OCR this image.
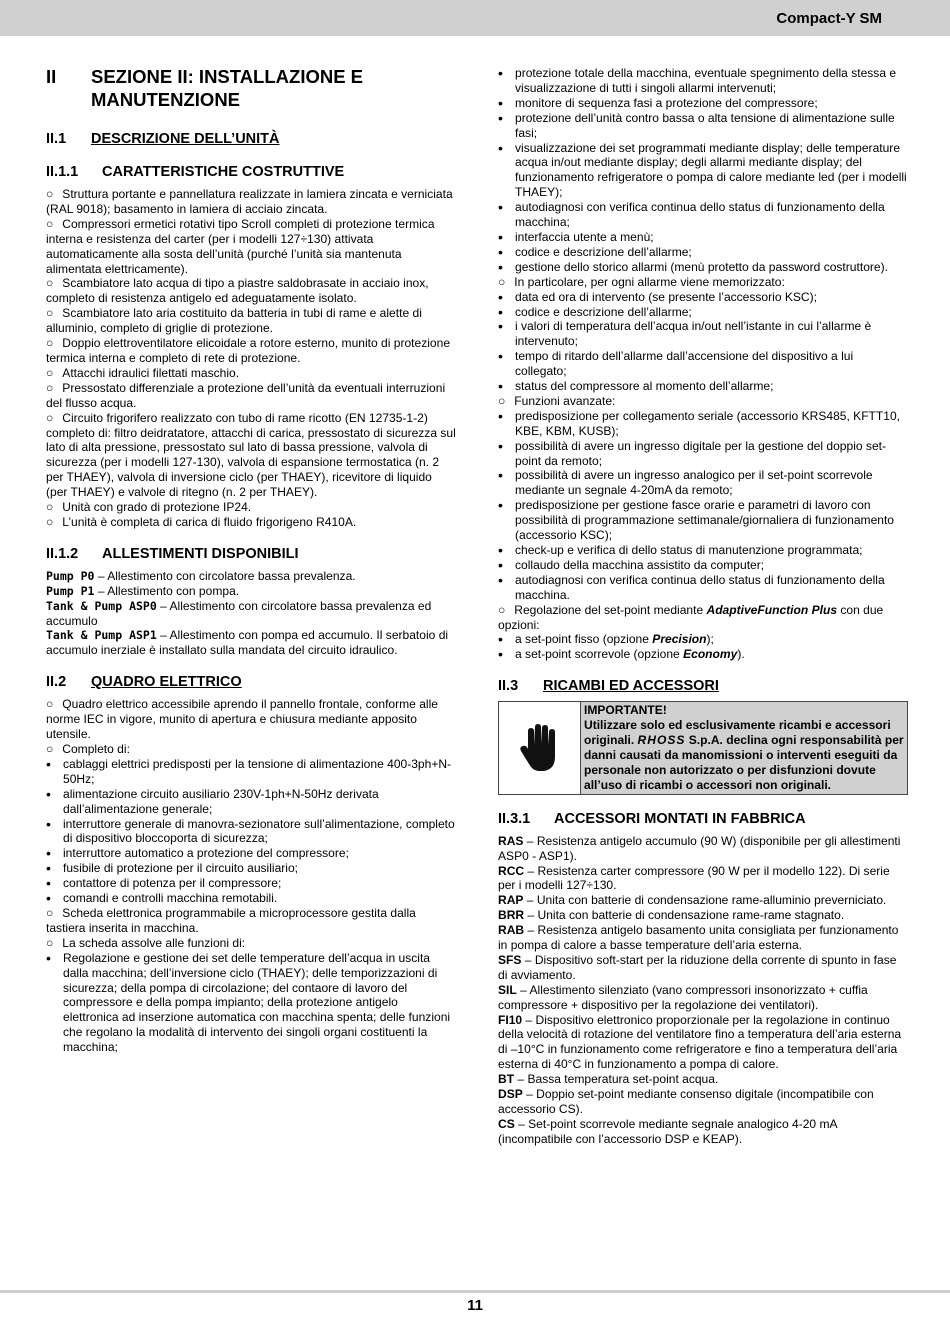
Compact-Y SM
II	SEZIONE II: INSTALLAZIONE E MANUTENZIONE
II.1	DESCRIZIONE DELL’UNITÀ
II.1.1	CARATTERISTICHE COSTRUTTIVE

○ Struttura portante e pannellatura realizzate in lamiera zincata e verniciata (RAL 9018); basamento in lamiera di acciaio zincata.

○ Compressori ermetici rotativi tipo Scroll completi di protezione termica interna e resistenza del carter (per i modelli 127÷130) attivata automaticamente alla sosta dell’unità (purché l’unità sia mantenuta alimentata elettricamente).

○ Scambiatore lato acqua di tipo a piastre saldobrasate in acciaio inox, completo di resistenza antigelo ed adeguatamente isolato.

○ Scambiatore lato aria costituito da batteria in tubi di rame e alette di alluminio, completo di griglie di protezione.

○ Doppio elettroventilatore elicoidale a rotore esterno, munito di protezione termica interna e completo di rete di protezione.

○ Attacchi idraulici filettati maschio.

○ Pressostato differenziale a protezione dell’unità da eventuali interruzioni del flusso acqua.

○ Circuito frigorifero realizzato con tubo di rame ricotto (EN 12735-1-2) completo di: filtro deidratatore, attacchi di carica, pressostato di sicurezza sul lato di alta pressione, pressostato sul lato di bassa pressione, valvola di sicurezza (per i modelli 127-130), valvola di espansione termostatica (n. 2 per THAEY), valvola di inversione ciclo (per THAEY), ricevitore di liquido (per THAEY) e valvole di ritegno (n. 2 per THAEY).

○ Unità con grado di protezione IP24.

○ L’unità è completa di carica di fluido frigorigeno R410A.

II.1.2	ALLESTIMENTI DISPONIBILI

Pump P0 – Allestimento con circolatore bassa prevalenza.

Pump P1 – Allestimento con pompa.

Tank & Pump ASP0 – Allestimento con circolatore bassa prevalenza ed accumulo

Tank & Pump ASP1 – Allestimento con pompa ed accumulo. Il serbatoio di accumulo inerziale è installato sulla mandata del circuito idraulico.

II.2	QUADRO ELETTRICO

○ Quadro elettrico accessibile aprendo il pannello frontale, conforme alle norme IEC in vigore, munito di apertura e chiusura mediante apposito utensile.

○ Completo di:

• cablaggi elettrici predisposti per la tensione di alimentazione 400-3ph+N-50Hz;

• alimentazione circuito ausiliario 230V-1ph+N-50Hz derivata dall’alimentazione generale;

• interruttore generale di manovra-sezionatore sull’alimentazione, completo di dispositivo bloccoporta di sicurezza;

• interruttore automatico a protezione del compressore;

• fusibile di protezione per il circuito ausiliario;

• contattore di potenza per il compressore;

• comandi e controlli macchina remotabili.

○ Scheda elettronica programmabile a microprocessore gestita dalla tastiera inserita in macchina.

○ La scheda assolve alle funzioni di:

• Regolazione e gestione dei set delle temperature dell’acqua in uscita dalla macchina; dell’inversione ciclo (THAEY); delle temporizzazioni di sicurezza; della pompa di circolazione; del contaore di lavoro del compressore e della pompa impianto; della protezione antigelo elettronica ad inserzione automatica con macchina spenta; delle funzioni che regolano la modalità di intervento dei singoli organi costituenti la macchina;

• protezione totale della macchina, eventuale spegnimento della stessa e visualizzazione di tutti i singoli allarmi intervenuti;

• monitore di sequenza fasi a protezione del compressore;

• protezione dell’unità contro bassa o alta tensione di alimentazione sulle fasi;

• visualizzazione dei set programmati mediante display; delle temperature acqua in/out mediante display; degli allarmi mediante display; del funzionamento refrigeratore o pompa di calore mediante led (per i modelli THAEY);

• autodiagnosi con verifica continua dello status di funzionamento della macchina;

• interfaccia utente a menù;

• codice e descrizione dell’allarme;

• gestione dello storico allarmi (menù protetto da password costruttore).

○ In particolare, per ogni allarme viene memorizzato:

• data ed ora di intervento (se presente l’accessorio KSC);

• codice e descrizione dell’allarme;

• i valori di temperatura dell’acqua in/out nell’istante in cui l’allarme è intervenuto;

• tempo di ritardo dell’allarme dall’accensione del dispositivo a lui collegato;

• status del compressore al momento dell’allarme;

○ Funzioni avanzate:

• predisposizione per collegamento seriale (accessorio KRS485, KFTT10, KBE, KBM, KUSB);

• possibilità di avere un ingresso digitale per la gestione del doppio set-point da remoto;

• possibilità di avere un ingresso analogico per il set-point scorrevole mediante un segnale 4-20mA da remoto;

• predisposizione per gestione fasce orarie e parametri di lavoro con possibilità di programmazione settimanale/giornaliera di funzionamento (accessorio KSC);

• check-up e verifica di dello status di manutenzione programmata;

• collaudo della macchina assistito da computer;

• autodiagnosi con verifica continua dello status di funzionamento della macchina.

○ Regolazione del set-point mediante AdaptiveFunction Plus con due opzioni:

• a set-point fisso (opzione Precision);

• a set-point scorrevole (opzione Economy).

II.3	RICAMBI ED ACCESSORI
IMPORTANTE!
Utilizzare solo ed esclusivamente ricambi e accessori originali. RHOSS S.p.A. declina ogni responsabilità per danni causati da manomissioni o interventi eseguiti da personale non autorizzato o per disfunzioni dovute all’uso di ricambi o accessori non originali.
II.3.1	ACCESSORI MONTATI IN FABBRICA

RAS – Resistenza antigelo accumulo (90 W) (disponibile per gli allestimenti ASP0 - ASP1).

RCC – Resistenza carter compressore (90 W per il modello 122). Di serie per i modelli 127÷130.

RAP – Unita con batterie di condensazione rame-alluminio preverniciato.

BRR – Unita con batterie di condensazione rame-rame stagnato.

RAB – Resistenza antigelo basamento unita consigliata per funzionamento in pompa di calore a basse temperature dell’aria esterna.

SFS – Dispositivo soft-start per la riduzione della corrente di spunto in fase di avviamento.

SIL – Allestimento silenziato (vano compressori insonorizzato + cuffia compressore + dispositivo per la regolazione dei ventilatori).

FI10 – Dispositivo elettronico proporzionale per la regolazione in continuo della velocità di rotazione del ventilatore fino a temperatura dell’aria esterna di –10°C in funzionamento come refrigeratore e fino a temperatura dell’aria esterna di 40°C in funzionamento a pompa di calore.

BT – Bassa temperatura set-point acqua.

DSP – Doppio set-point mediante consenso digitale (incompatibile con accessorio CS).

CS – Set-point scorrevole mediante segnale analogico 4-20 mA (incompatibile con l’accessorio DSP e KEAP).

11
